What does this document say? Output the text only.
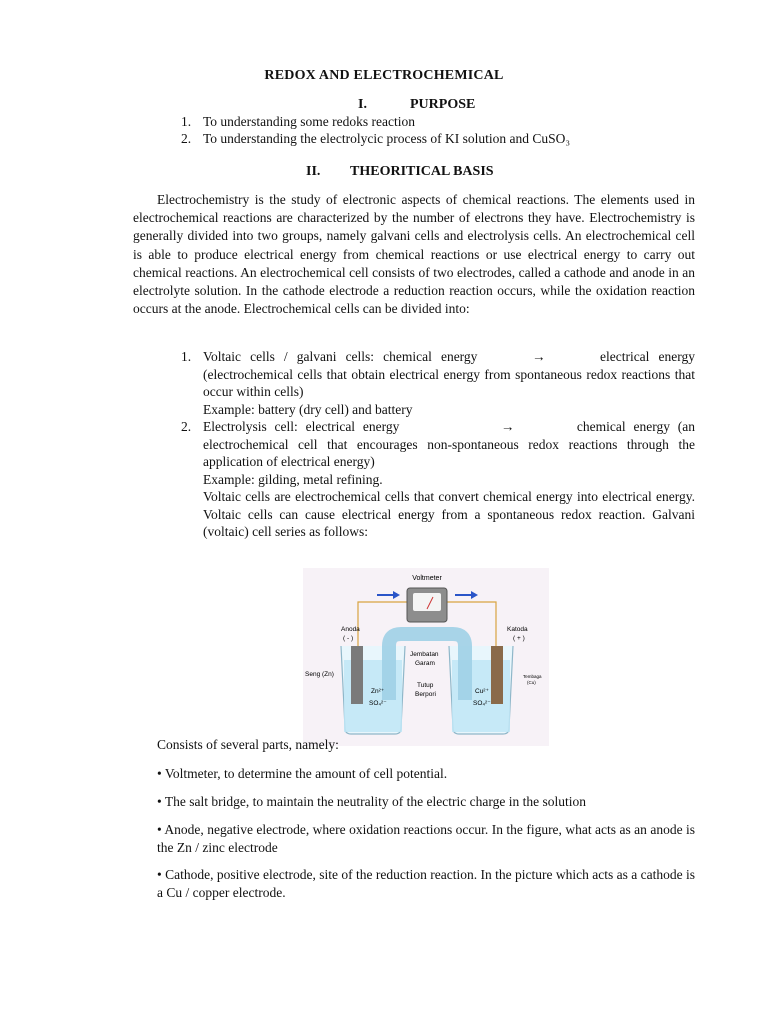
REDOX AND ELECTROCHEMICAL
I.	PURPOSE
1. To understanding some redoks reaction
2. To understanding the electrolycic process of KI solution and CuSO₃
II. THEORITICAL BASIS
Electrochemistry is the study of electronic aspects of chemical reactions. The elements used in electrochemical reactions are characterized by the number of electrons they have. Electrochemistry is generally divided into two groups, namely galvani cells and electrolysis cells. An electrochemical cell is able to produce electrical energy from chemical reactions or use electrical energy to carry out chemical reactions. An electrochemical cell consists of two electrodes, called a cathode and anode in an electrolyte solution. In the cathode electrode a reduction reaction occurs, while the oxidation reaction occurs at the anode. Electrochemical cells can be divided into:
1. Voltaic cells / galvani cells: chemical energy      →      electrical energy
(electrochemical cells that obtain electrical energy from spontaneous redox reactions that occur within cells)
Example: battery (dry cell) and battery
2. Electrolysis cell: electrical energy             →        chemical energy (an
electrochemical cell that encourages non-spontaneous redox reactions through the application of electrical energy)
Example: gilding, metal refining.
Voltaic cells are electrochemical cells that convert chemical energy into electrical energy. Voltaic cells can cause electrical energy from a spontaneous redox reaction. Galvani (voltaic) cell series as follows:
Voltmeter
Anoda
( - )
Katoda
( + )
Jembatan
Garam
Tutup
Berpori
Seng (Zn)	Tembaga
(Cu)
Zn²⁺
SO₄²⁻
Cu²⁺
SO₄²⁻
Consists of several parts, namely:
• Voltmeter, to determine the amount of cell potential.
• The salt bridge, to maintain the neutrality of the electric charge in the solution
• Anode, negative electrode, where oxidation reactions occur. In the figure, what acts as an anode is the Zn / zinc electrode
• Cathode, positive electrode, site of the reduction reaction. In the picture which acts as a cathode is a Cu / copper electrode.
